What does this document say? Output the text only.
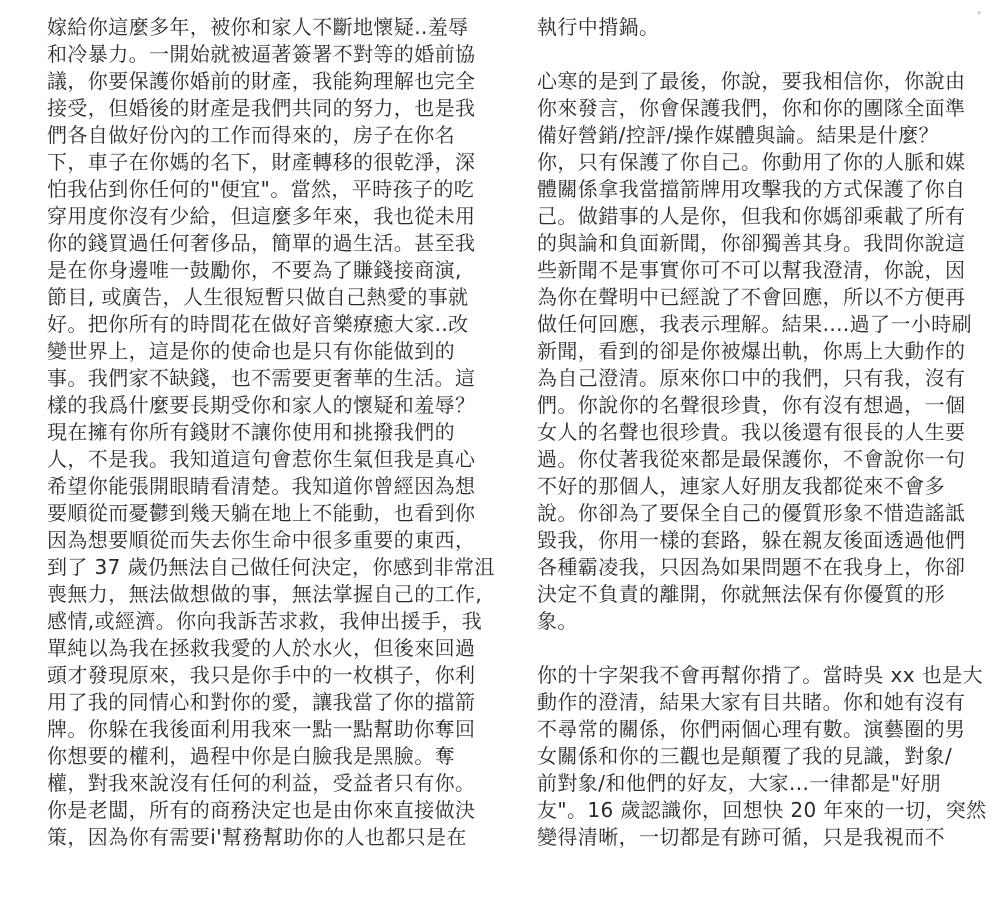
嫁給你這麼多年，被你和家人不斷地懷疑..羞辱
和冷暴力。一開始就被逼著簽署不對等的婚前協
議，你要保護你婚前的財產，我能夠理解也完全
接受，但婚後的財產是我們共同的努力，也是我
們各自做好份內的工作而得來的，房子在你名
下，車子在你媽的名下，財產轉移的很乾淨，深
怕我佔到你任何的"便宜"。當然，平時孩子的吃
穿用度你沒有少給，但這麼多年來，我也從未用
你的錢買過任何奢侈品，簡單的過生活。甚至我
是在你身邊唯一鼓勵你，不要為了賺錢接商演,
節目, 或廣告，人生很短暫只做自己熱愛的事就
好。把你所有的時間花在做好音樂療癒大家..改
變世界上，這是你的使命也是只有你能做到的
事。我們家不缺錢，也不需要更奢華的生活。這
樣的我爲什麼要長期受你和家人的懷疑和羞辱？
現在擁有你所有錢財不讓你使用和挑撥我們的
人，不是我。我知道這句會惹你生氣但我是真心
希望你能張開眼睛看清楚。我知道你曾經因為想
要順從而憂鬱到幾天躺在地上不能動，也看到你
因為想要順從而失去你生命中很多重要的東西，
到了 37 歲仍無法自己做任何決定，你感到非常沮
喪無力，無法做想做的事，無法掌握自己的工作,
感情,或經濟。你向我訴苦求救，我伸出援手，我
單純以為我在拯救我愛的人於水火，但後來回過
頭才發現原來，我只是你手中的一枚棋子，你利
用了我的同情心和對你的愛，讓我當了你的擋箭
牌。你躲在我後面利用我來一點一點幫助你奪回
你想要的權利，過程中你是白臉我是黑臉。奪
權，對我來說沒有任何的利益，受益者只有你。
你是老闆，所有的商務決定也是由你來直接做決
策，因為你有需要і'幫務幫助你的人也都只是在
執行中揹鍋。
心寒的是到了最後，你說，要我相信你，你說由
你來發言，你會保護我們，你和你的團隊全面準
備好營銷/控評/操作媒體與論。結果是什麼？
你，只有保護了你自己。你動用了你的人脈和媒
體關係拿我當擋箭牌用攻擊我的方式保護了你自
己。做錯事的人是你，但我和你媽卻乘載了所有
的與論和負面新聞，你卻獨善其身。我問你說這
些新聞不是事實你可不可以幫我澄清，你說，因
為你在聲明中已經說了不會回應，所以不方便再
做任何回應，我表示理解。結果....過了一小時刷
新聞，看到的卻是你被爆出軌，你馬上大動作的
為自己澄清。原來你口中的我們，只有我，沒有
們。你說你的名聲很珍貴，你有沒有想過，一個
女人的名聲也很珍貴。我以後還有很長的人生要
過。你仗著我從來都是最保護你，不會說你一句
不好的那個人，連家人好朋友我都從來不會多
說。你卻為了要保全自己的優質形象不惜造謠詆
毀我，你用一樣的套路，躲在親友後面透過他們
各種霸凌我，只因為如果問題不在我身上，你卻
決定不負責的離開，你就無法保有你優質的形
象。
你的十字架我不會再幫你揹了。當時吳 xx 也是大
動作的澄清，結果大家有目共睹。你和她有沒有
不尋常的關係，你們兩個心理有數。演藝圈的男
女關係和你的三觀也是顛覆了我的見識，對象/
前對象/和他們的好友，大家...一律都是"好朋
友"。16 歲認識你，回想快 20 年來的一切，突然
變得清晰，一切都是有跡可循，只是我視而不
•
